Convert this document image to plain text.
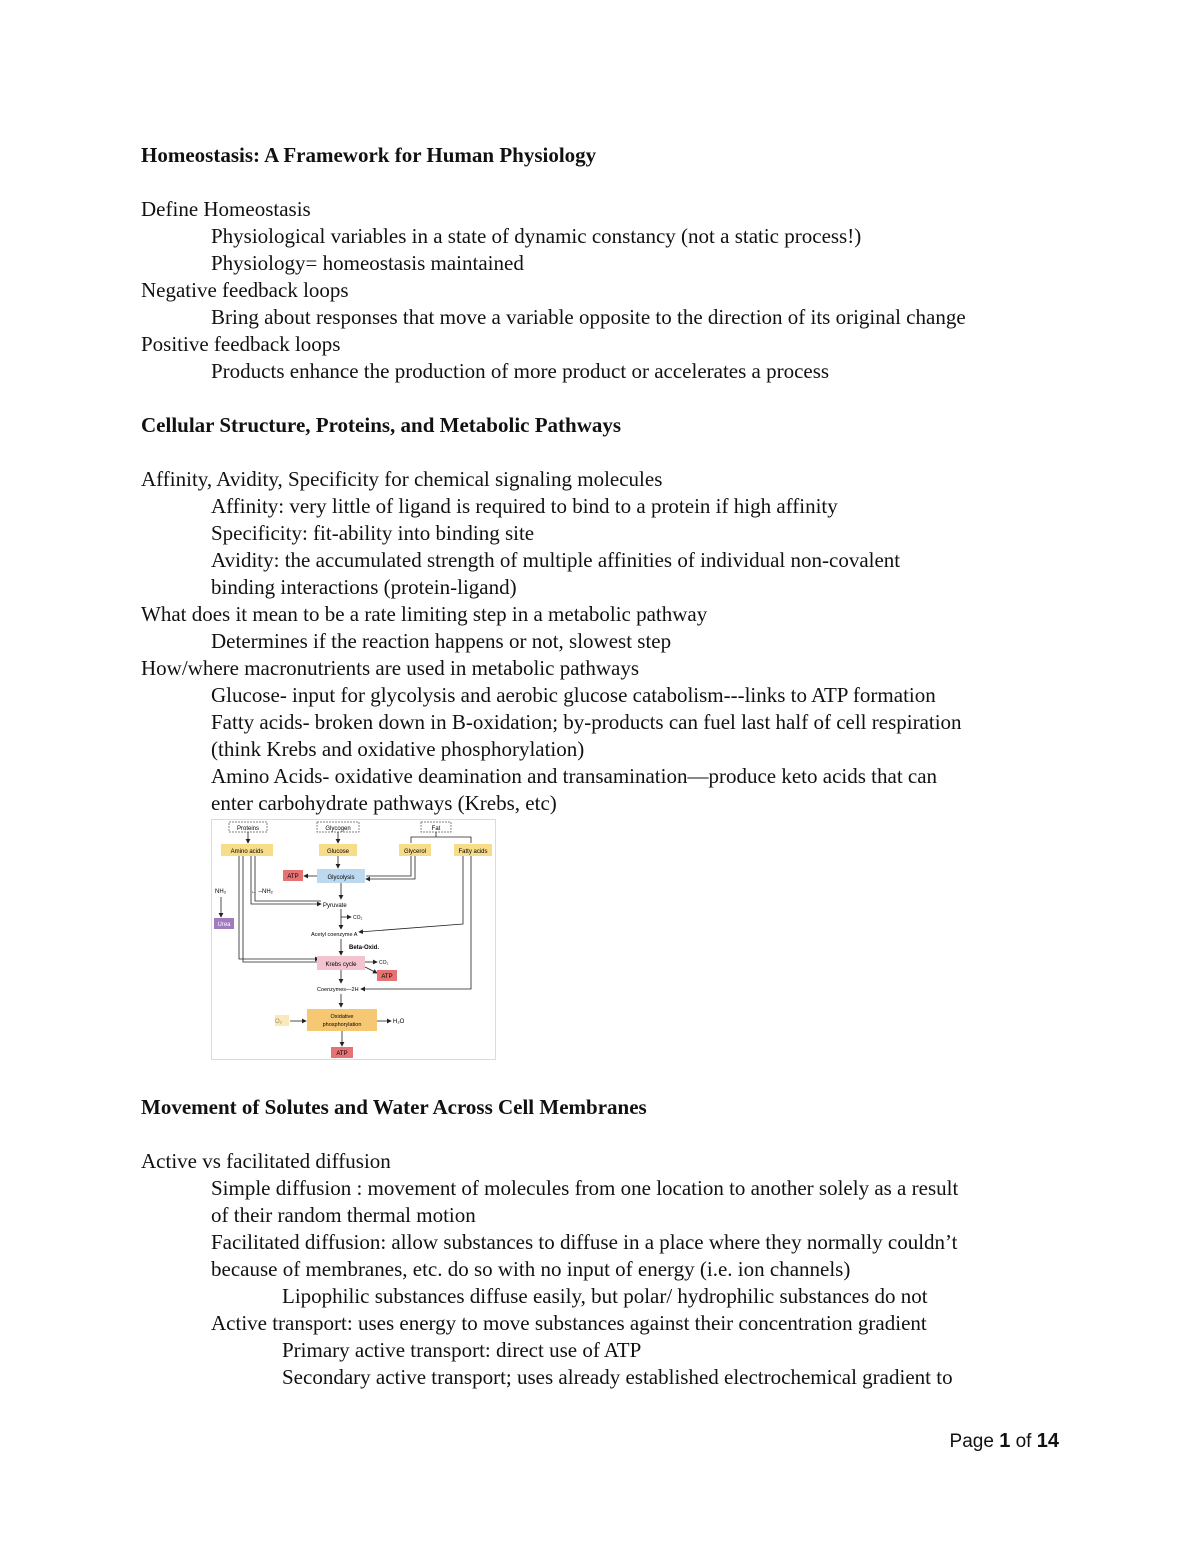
Homeostasis: A Framework for Human Physiology
Define Homeostasis
Physiological variables in a state of dynamic constancy (not a static process!)
Physiology= homeostasis maintained
Negative feedback loops
Bring about responses that move a variable opposite to the direction of its original change
Positive feedback loops
Products enhance the production of more product or accelerates a process
Cellular Structure, Proteins, and Metabolic Pathways
Affinity, Avidity, Specificity for chemical signaling molecules
Affinity: very little of ligand is required to bind to a protein if high affinity
Specificity: fit-ability into binding site
Avidity: the accumulated strength of multiple affinities of individual non-covalent
binding interactions (protein-ligand)
What does it mean to be a rate limiting step in a metabolic pathway
Determines if the reaction happens or not, slowest step
How/where macronutrients are used in metabolic pathways
Glucose- input for glycolysis and aerobic glucose catabolism---links to ATP formation
Fatty acids- broken down in B-oxidation; by-products can fuel last half of cell respiration
(think Krebs and oxidative phosphorylation)
Amino Acids- oxidative deamination and transamination—produce keto acids that can
enter carbohydrate pathways (Krebs, etc)
Proteins	Glycogen	Fat
Amino acids	Glucose	Glycerol	Fatty acids
Glycolysis
ATP
NH₃	← –NH₂
Urea
Pyruvate
CO₂
Acetyl coenzyme A
Beta-Oxid.
Krebs cycle	CO₂
ATP
Coenzymes—2H
Oxidative
phosphorylation	H₂O
ATP
Movement of Solutes and Water Across Cell Membranes
Active vs facilitated diffusion
Simple diffusion : movement of molecules from one location to another solely as a result
of their random thermal motion
Facilitated diffusion: allow substances to diffuse in a place where they normally couldn’t
because of membranes, etc. do so with no input of energy (i.e. ion channels)
Lipophilic substances diffuse easily, but polar/ hydrophilic substances do not
Active transport: uses energy to move substances against their concentration gradient
Primary active transport: direct use of ATP
Secondary active transport; uses already established electrochemical gradient to
Page 1 of 14
